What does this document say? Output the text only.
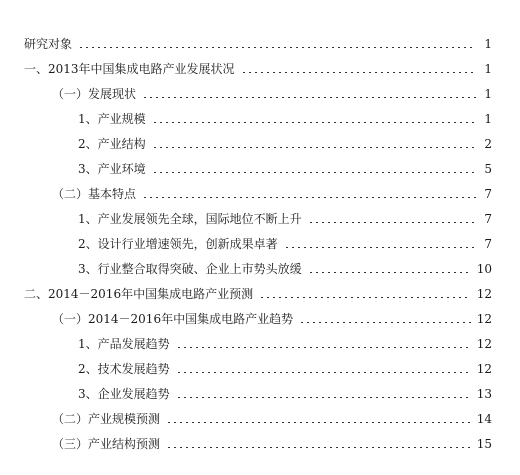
研究对象	1
一、2013年中国集成电路产业发展状况	1
（一）发展现状	1
1、产业规模	1
2、产业结构	2
3、产业环境	5
（二）基本特点	7
1、产业发展领先全球，国际地位不断上升	7
2、设计行业增速领先，创新成果卓著	7
3、行业整合取得突破、企业上市势头放缓	10
二、2014－2016年中国集成电路产业预测	12
（一）2014－2016年中国集成电路产业趋势	12
1、产品发展趋势	12
2、技术发展趋势	12
3、企业发展趋势	13
（二）产业规模预测	14
（三）产业结构预测	15
